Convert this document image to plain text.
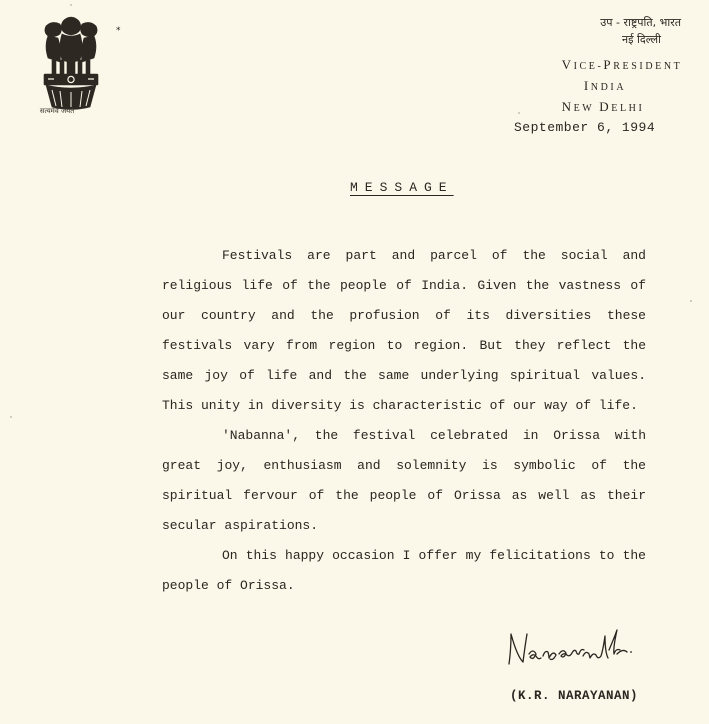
सत्यमेव जयते
*
उप - राष्ट्रपति, भारत
नई दिल्ली
VICE-PRESIDENT
INDIA
NEW DELHI
September 6, 1994
MESSAGE

Festivals are part and parcel of the social and religious life of the people of India. Given the vastness of our country and the profusion of its diversities these festivals vary from region to region. But they reflect the same joy of life and the same underlying spiritual values. This unity in diversity is characteristic of our way of life.

'Nabanna', the festival celebrated in Orissa with great joy, enthusiasm and solemnity is symbolic of the spiritual fervour of the people of Orissa as well as their secular aspirations.

On this happy occasion I offer my felicitations to the people of Orissa.

(K.R. NARAYANAN)
